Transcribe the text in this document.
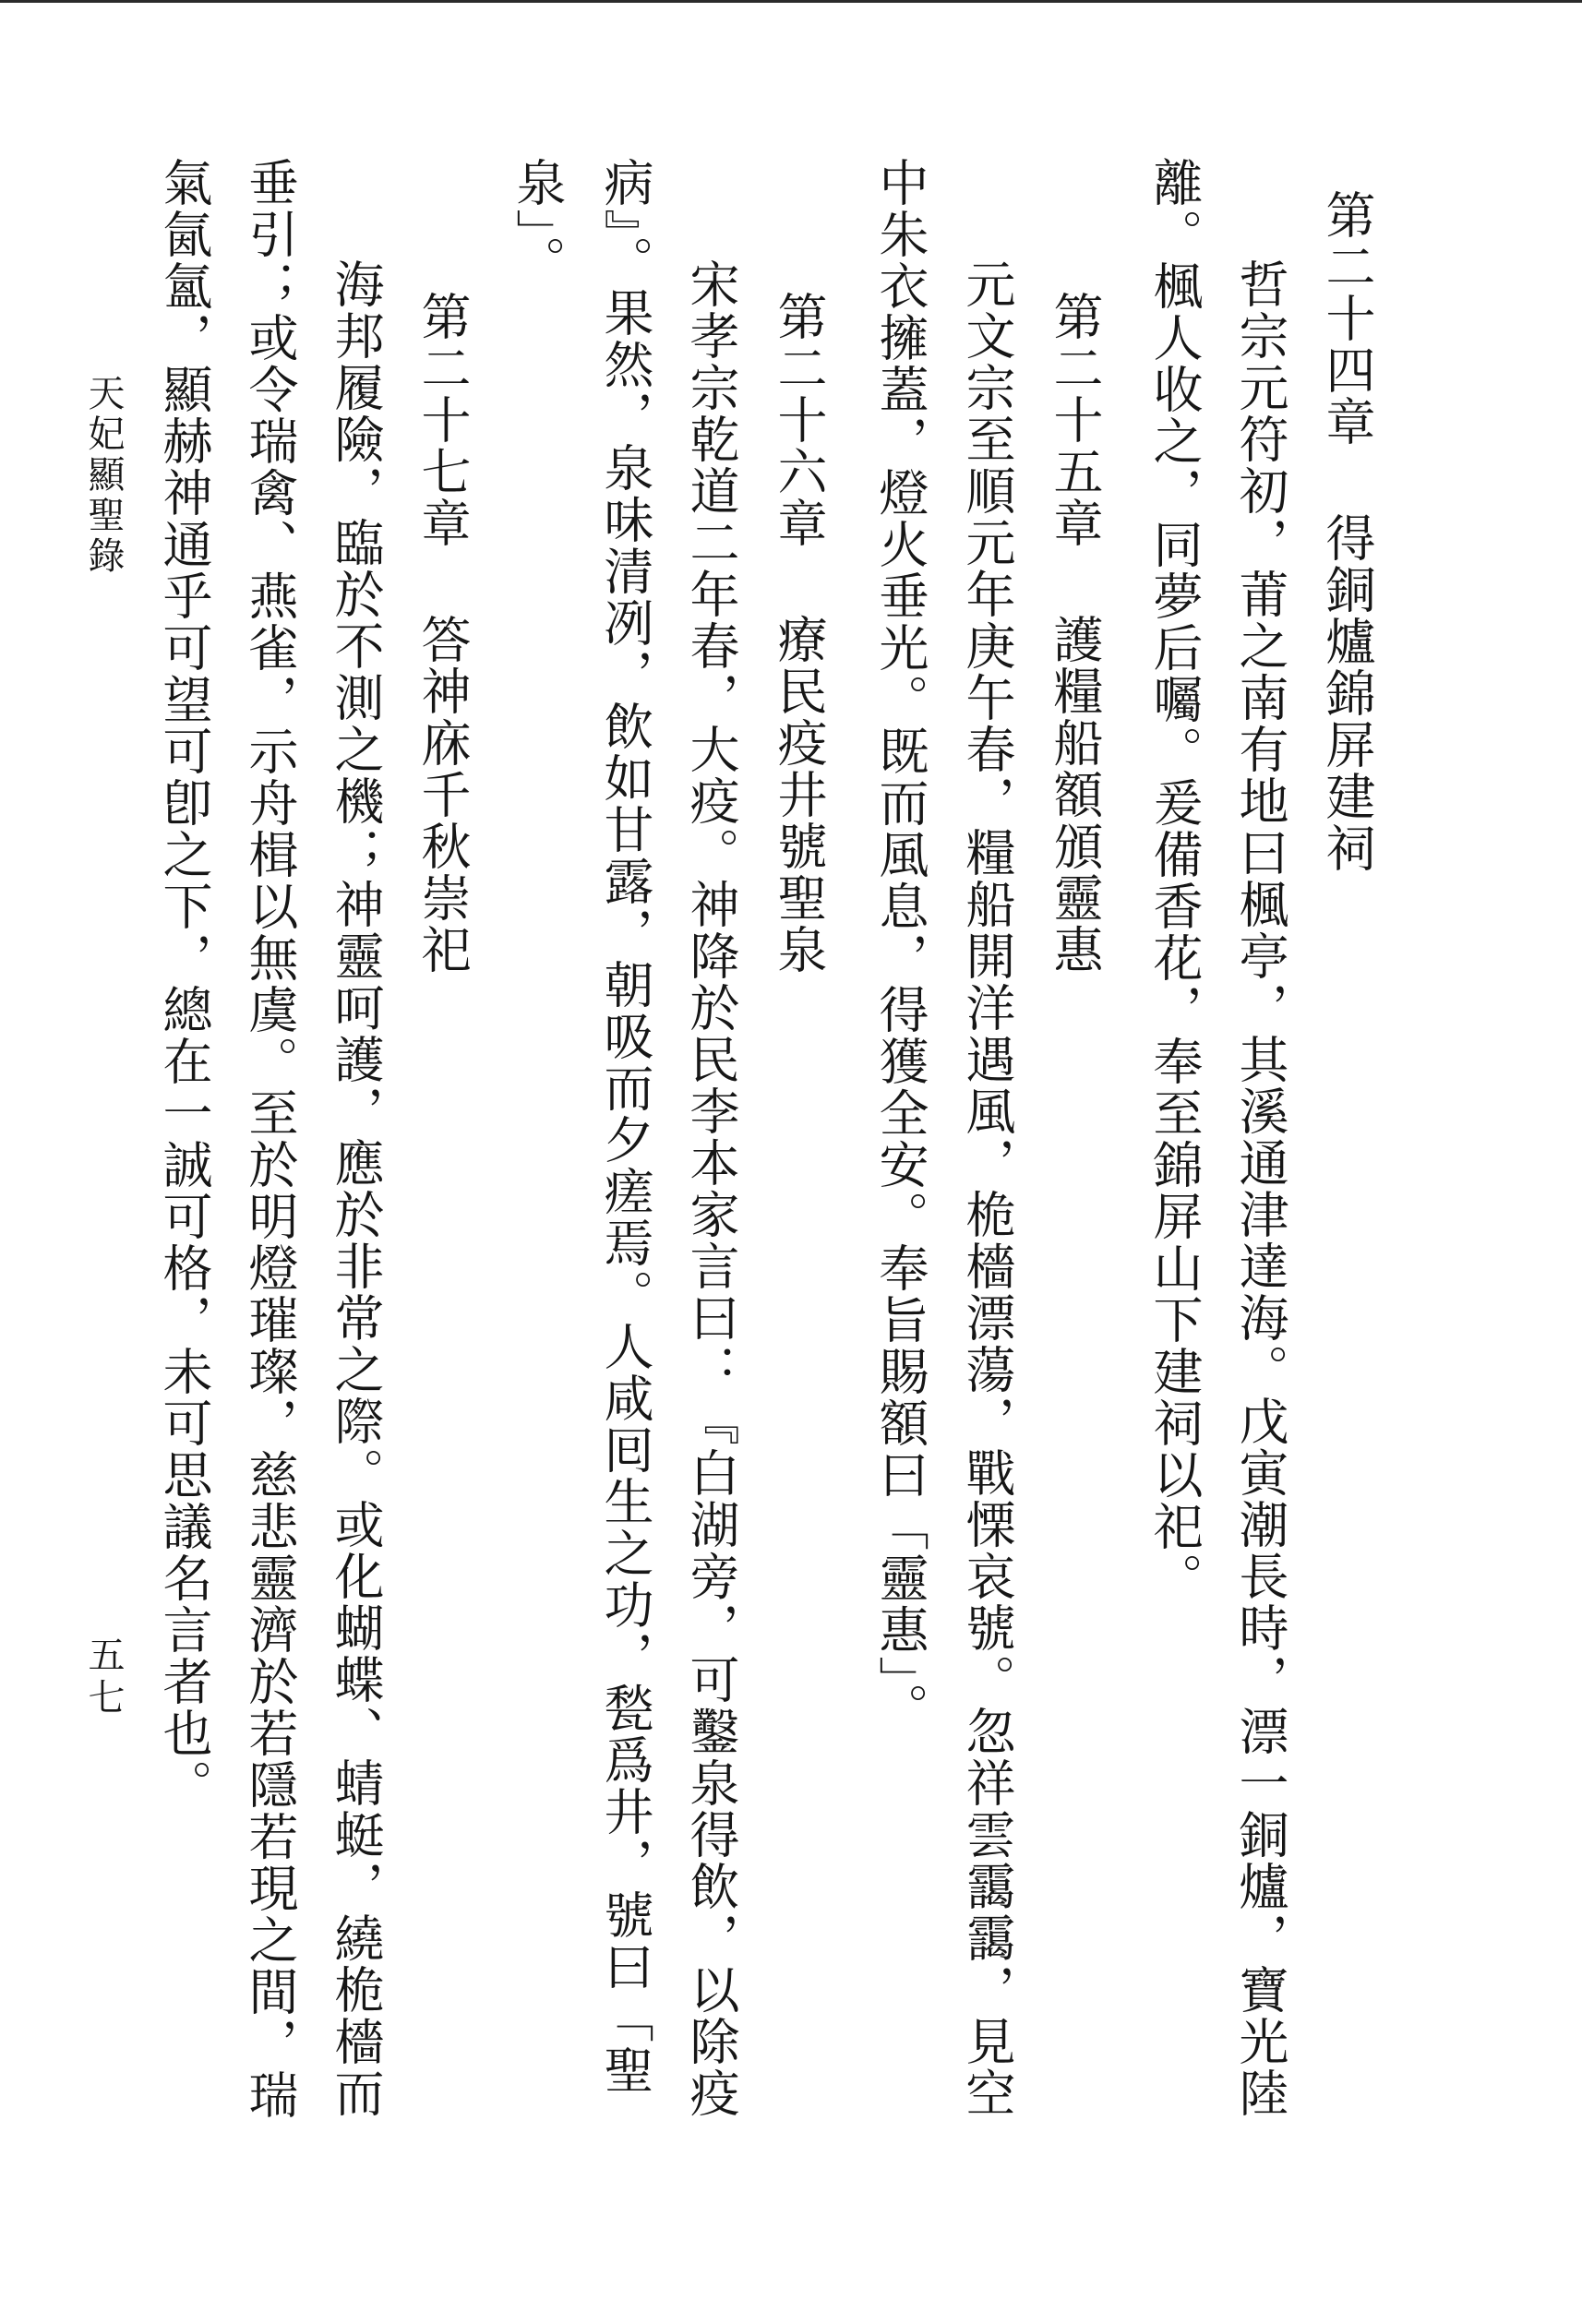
第二十四章得銅爐錦屏建祠
哲宗元符初，莆之南有地曰楓亭，其溪通津達海。戊寅潮長時，漂一銅爐，寶光陸
離。楓人收之，同夢后囑。爰備香花，奉至錦屏山下建祠以祀。
第二十五章護糧船額頒靈惠
元文宗至順元年庚午春，糧船開洋遇風，桅檣漂蕩，戰慄哀號。忽祥雲靄靄，見空
中朱衣擁蓋，燈火垂光。既而風息，得獲全安。奉旨賜額曰「靈惠」。
第二十六章療民疫井號聖泉
宋孝宗乾道二年春，大疫。神降於民李本家言曰：『白湖旁，可鑿泉得飲，以除疫
病』。果然，泉味清冽，飲如甘露，朝吸而夕瘥焉。人咸囘生之功，甃爲井，號曰「聖
泉」。
第二十七章答神庥千秋崇祀
海邦履險，臨於不測之機；神靈呵護，應於非常之際。或化蝴蝶、蜻蜓，繞桅檣而
垂引；或令瑞禽、燕雀，示舟楫以無虞。至於明燈璀璨，慈悲靈濟於若隱若現之間，瑞
氣氤氳，顯赫神通乎可望可卽之下，總在一誠可格，未可思議名言者也。
天妃顯聖錄
五七
